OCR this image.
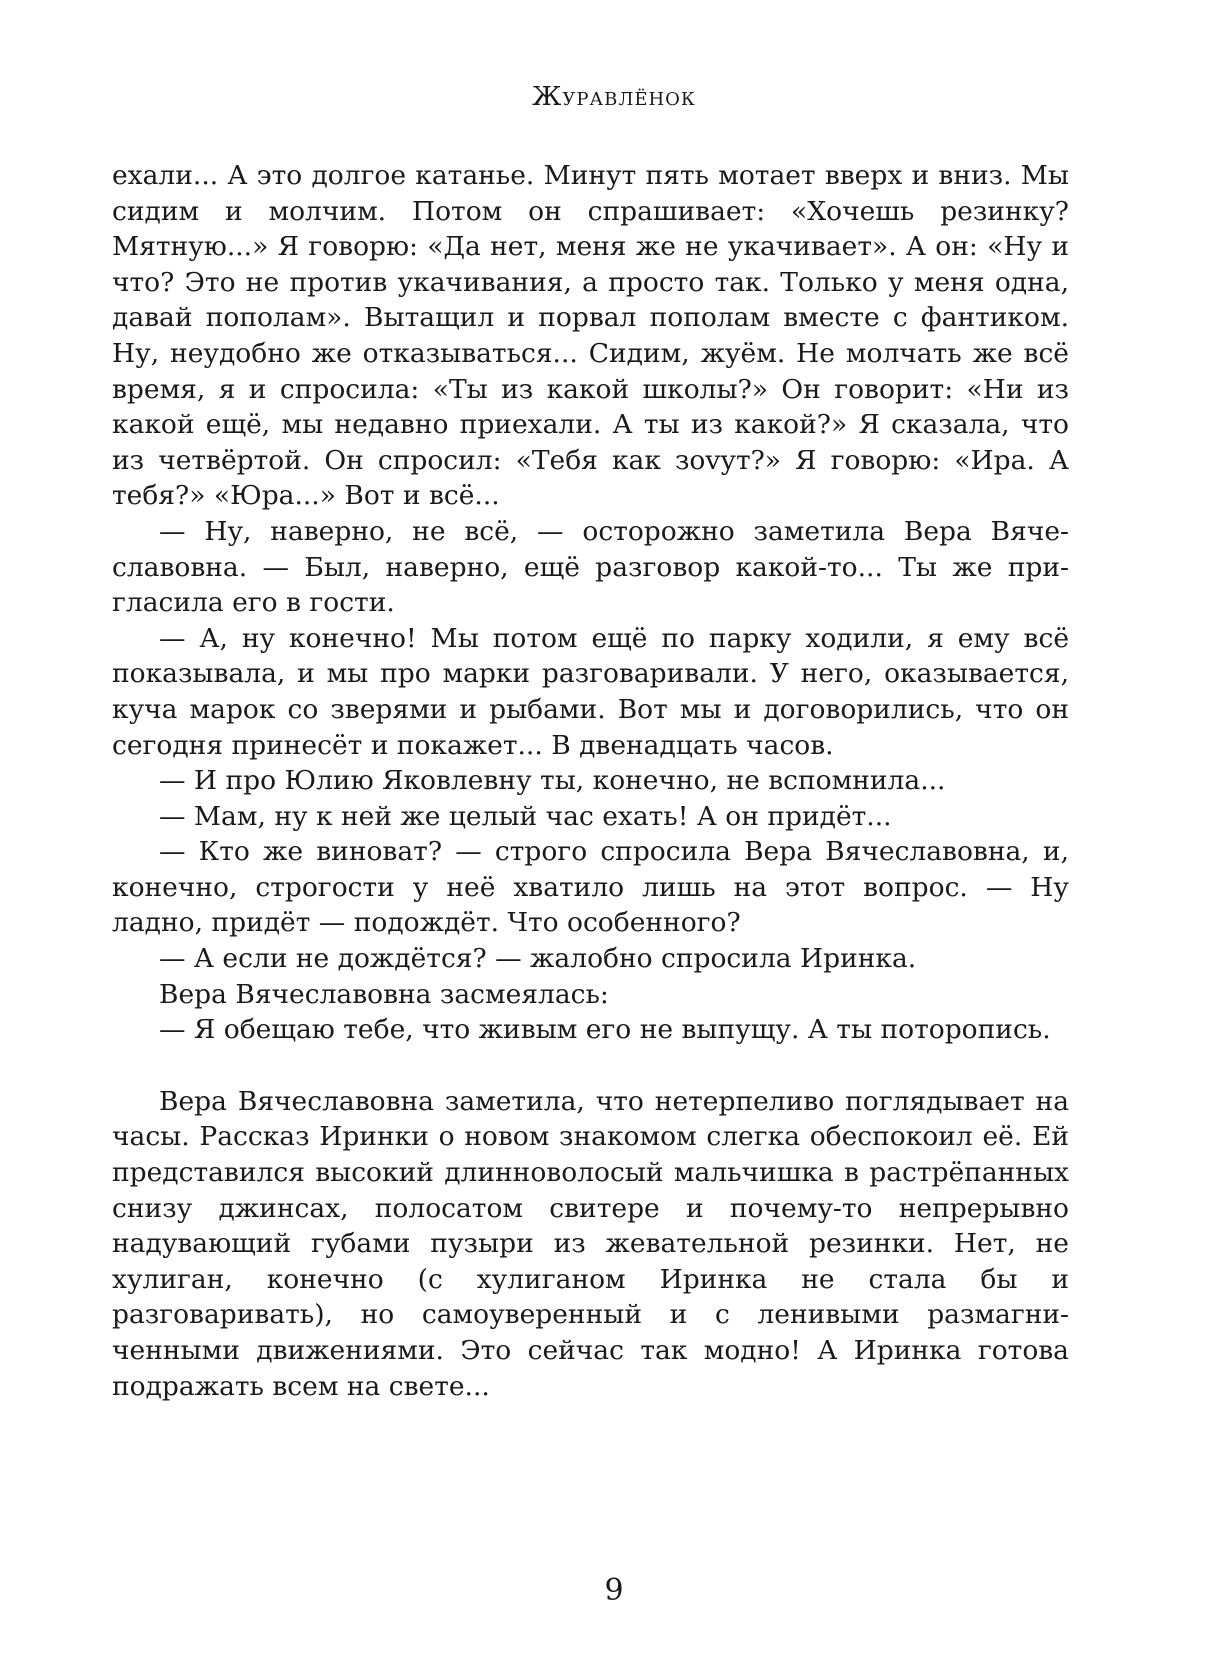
Журавлёнок

ехали... А это долгое катанье. Минут пять мотает вверх и вниз. Мы сидим и молчим. Потом он спрашивает: «Хочешь резинку? Мятную...» Я говорю: «Да нет, меня же не укачивает». А он: «Ну и что? Это не против укачивания, а просто так. Только у меня одна, давай пополам». Вытащил и порвал пополам вместе с фантиком. Ну, неудобно же отказываться... Сидим, жуём. Не молчать же всё время, я и спросила: «Ты из какой школы?» Он говорит: «Ни из какой ещё, мы недавно приехали. А ты из какой?» Я сказала, что из четвёртой. Он спросил: «Тебя как зоvут?» Я говорю: «Ира. А тебя?» «Юра...» Вот и всё...

— Ну, наверно, не всё, — осторожно заметила Вера Вячеславовна. — Был, наверно, ещё разговор какой-то... Ты же пригласила его в гости.

— А, ну конечно! Мы потом ещё по парку ходили, я ему всё показывала, и мы про марки разговаривали. У него, оказывается, куча марок со зверями и рыбами. Вот мы и договорились, что он сегодня принесёт и покажет... В двенадцать часов.

— И про Юлию Яковлевну ты, конечно, не вспомнила...

— Мам, ну к ней же целый час ехать! А он придёт...

— Кто же виноват? — строго спросила Вера Вячеславовна, и, конечно, строгости у неё хватило лишь на этот вопрос. — Ну ладно, придёт — подождёт. Что особенного?

— А если не дождётся? — жалобно спросила Иринка.

Вера Вячеславовна засмеялась:

— Я обещаю тебе, что живым его не выпущу. А ты поторопись.

Вера Вячеславовна заметила, что нетерпеливо поглядывает на часы. Рассказ Иринки о новом знакомом слегка обеспокоил её. Ей представился высокий длинноволосый мальчишка в растрёпанных снизу джинсах, полосатом свитере и почему-то непрерывно надувающий губами пузыри из жевательной резинки. Нет, не хулиган, конечно (с хулиганом Иринка не стала бы и разговаривать), но самоуверенный и с ленивыми размагниченными движениями. Это сейчас так модно! А Иринка готова подражать всем на свете...

9
